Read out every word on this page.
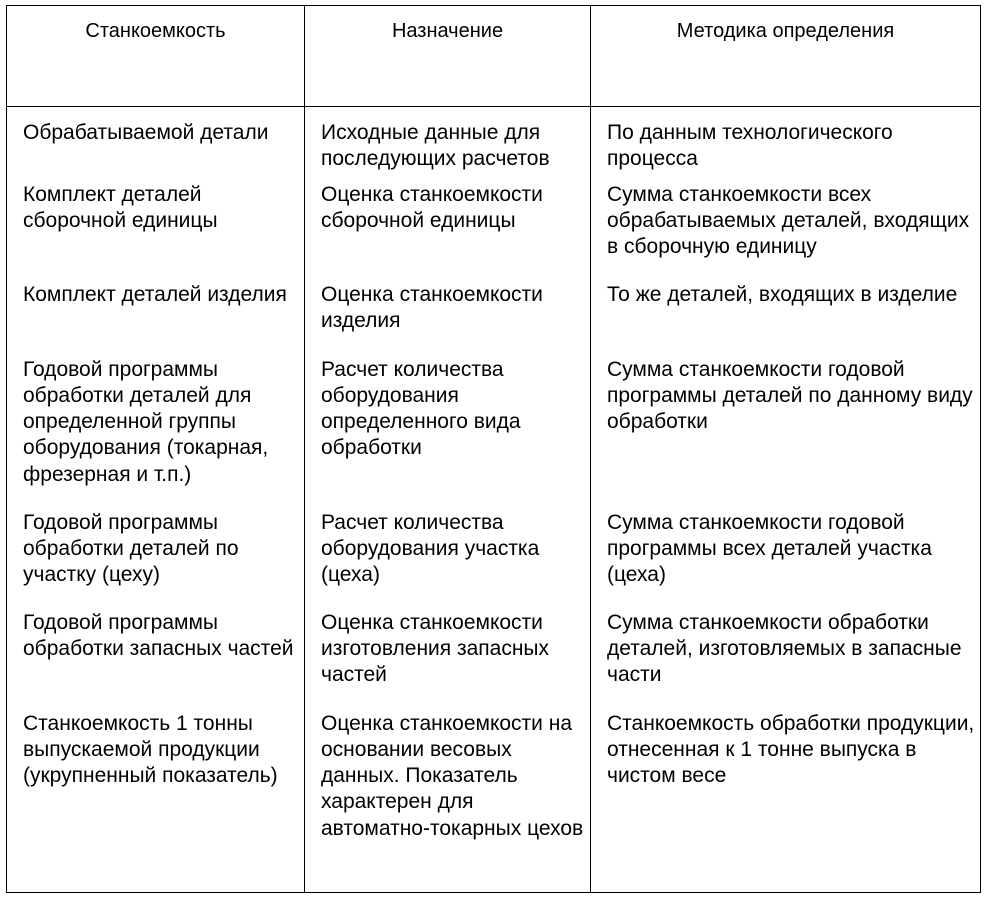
Станкоемкость	Назначение	Методика определения
Обрабатываемой детали	Исходные данные для последующих расчетов	По данным технологического процесса
Комплект деталей сборочной единицы	Оценка станкоемкости сборочной единицы	Сумма станкоемкости всех обрабатываемых деталей, входящих в сборочную единицу
Комплект деталей изделия	Оценка станкоемкости изделия	То же деталей, входящих в изделие
Годовой программы обработки деталей для определенной группы оборудования (токарная, фрезерная и т.п.)	Расчет количества оборудования определенного вида обработки	Сумма станкоемкости годовой программы деталей по данному виду обработки
Годовой программы обработки деталей по участку (цеху)	Расчет количества оборудования участка (цеха)	Сумма станкоемкости годовой программы всех деталей участка (цеха)
Годовой программы обработки запасных частей	Оценка станкоемкости изготовления запасных частей	Сумма станкоемкости обработки деталей, изготовляемых в запасные части
Станкоемкость 1 тонны выпускаемой продукции (укрупненный показатель)	Оценка станкоемкости на основании весовых данных. Показатель характерен для автоматно-токарных цехов	Станкоемкость обработки продукции, отнесенная к 1 тонне выпуска в чистом весе
